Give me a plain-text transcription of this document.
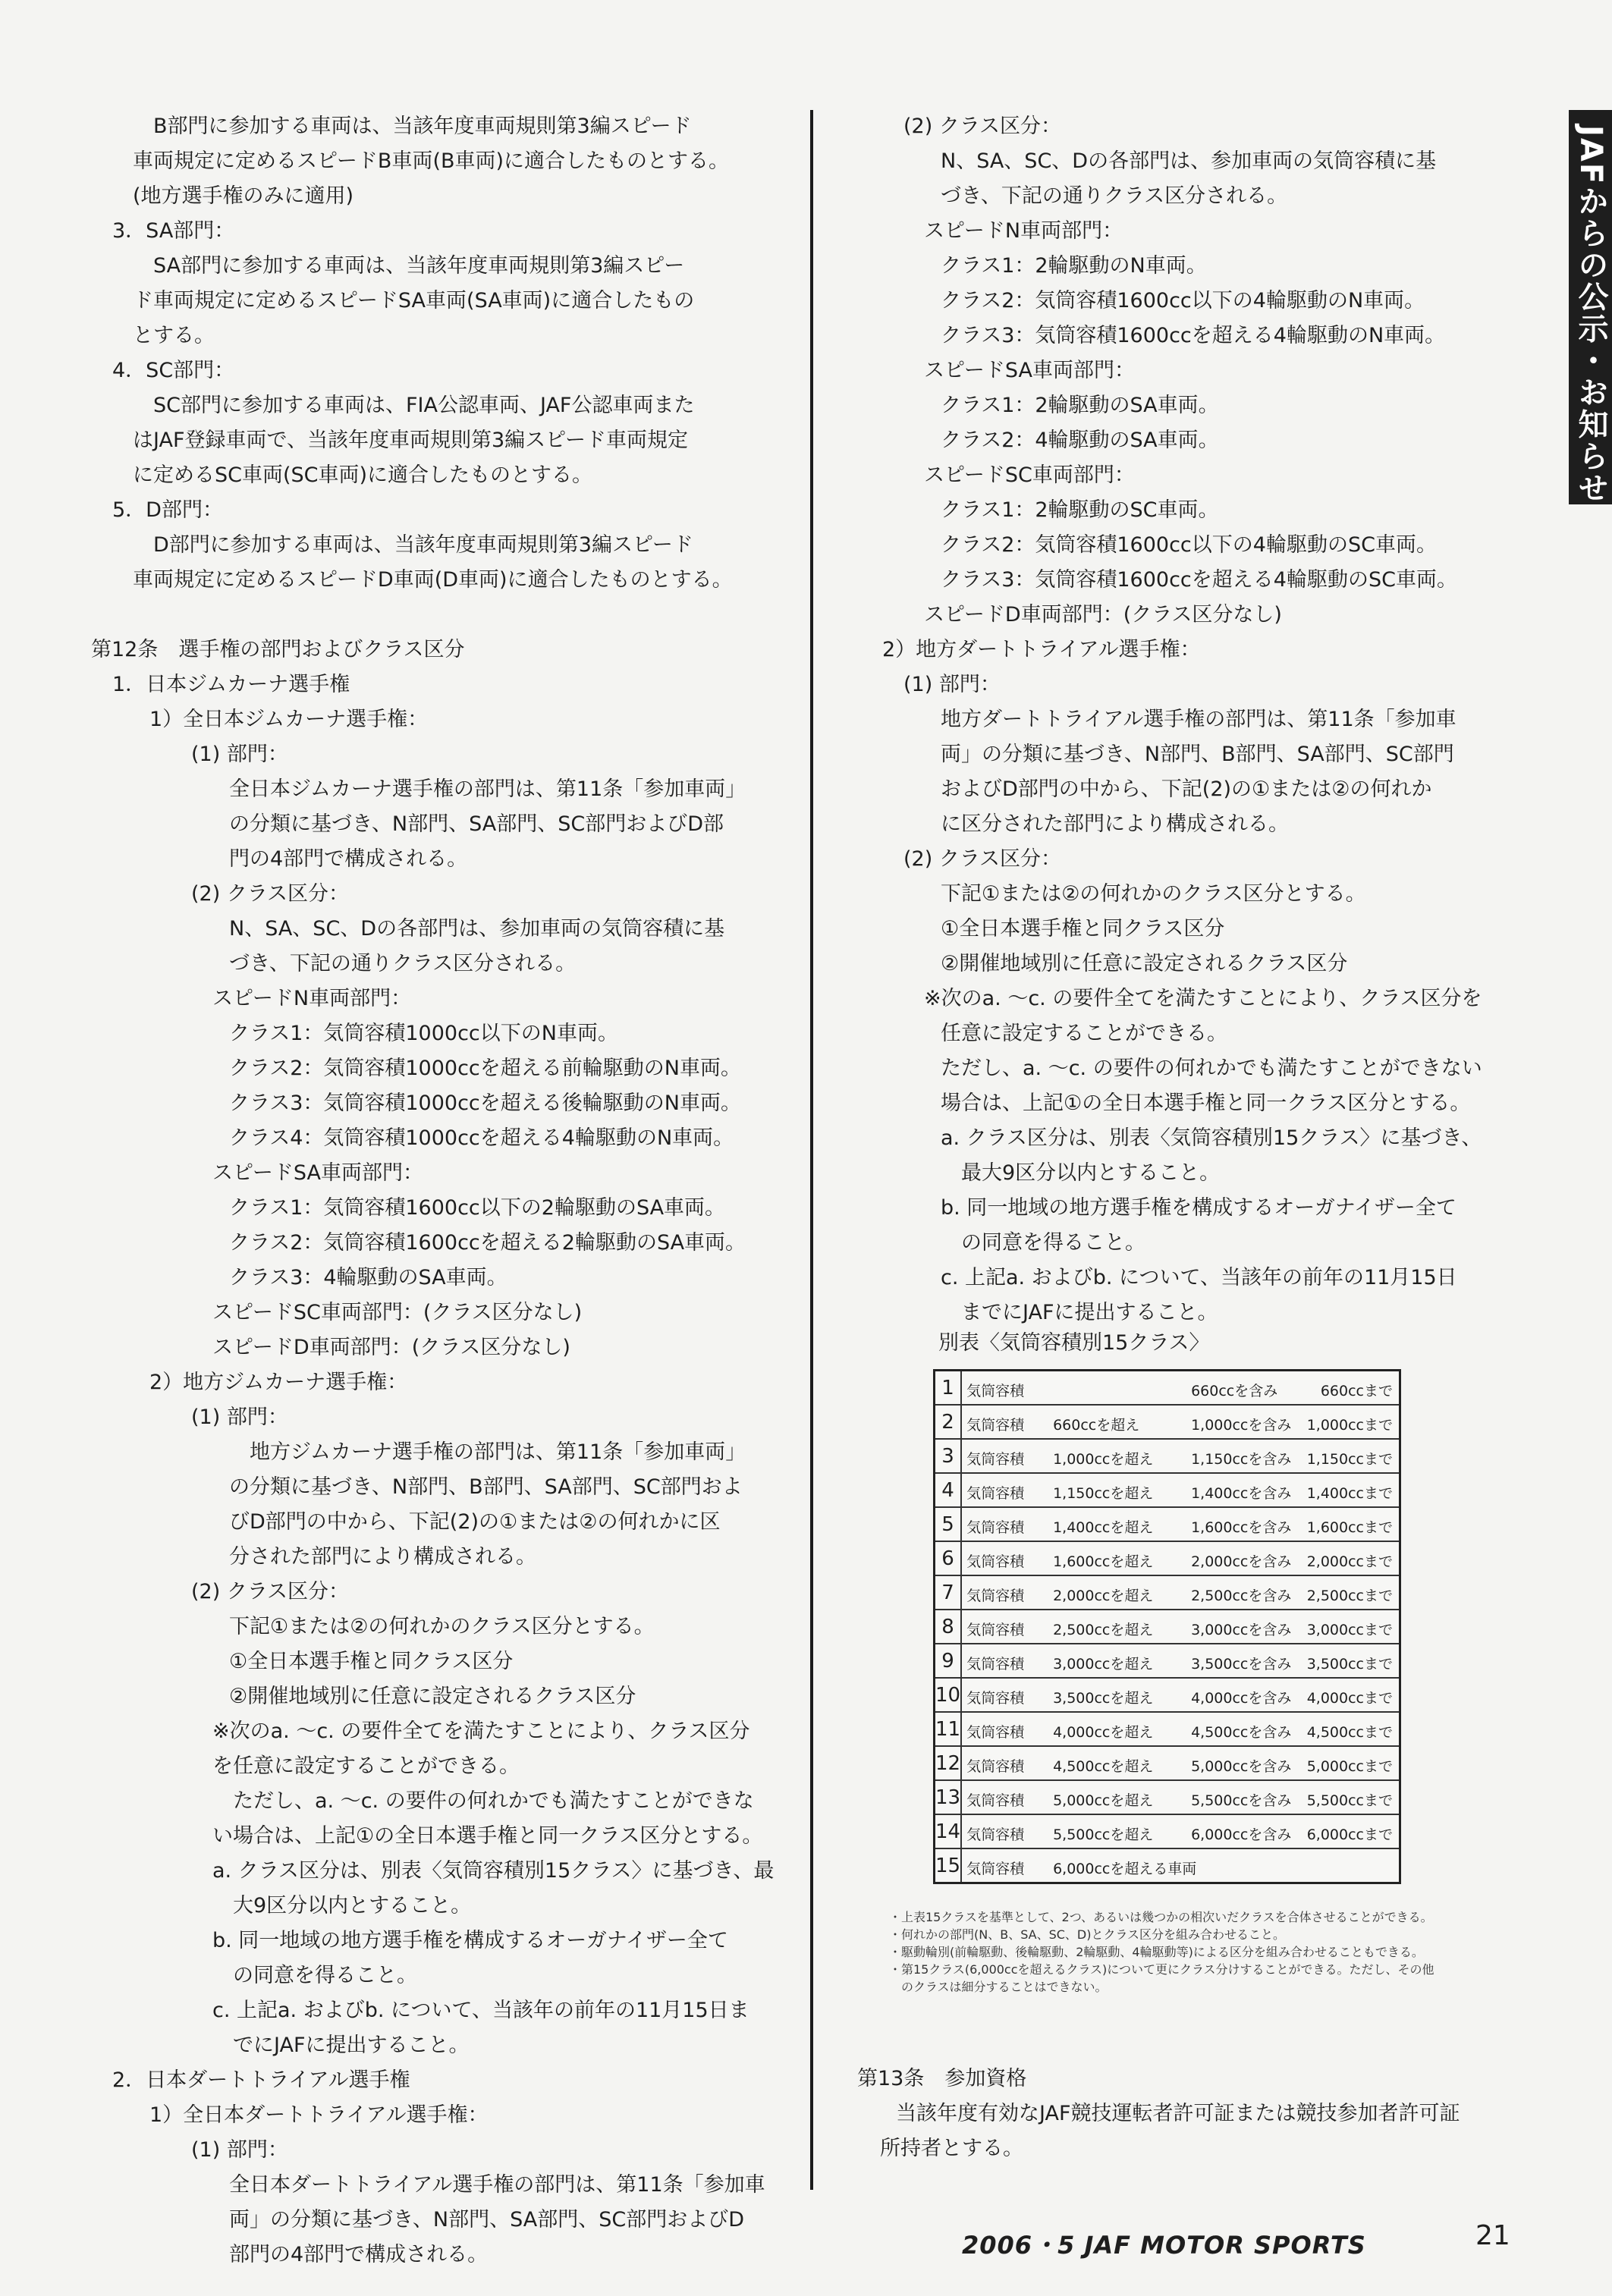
JAFからの公示・お知らせ
　B部門に参加する車両は、当該年度車両規則第3編スピード
車両規定に定めるスピードB車両(B車両)に適合したものとする。
(地方選手権のみに適用)
3．SA部門：
　SA部門に参加する車両は、当該年度車両規則第3編スピー
ド車両規定に定めるスピードSA車両(SA車両)に適合したもの
とする。
4．SC部門：
　SC部門に参加する車両は、FIA公認車両、JAF公認車両また
はJAF登録車両で、当該年度車両規則第3編スピード車両規定
に定めるSC車両(SC車両)に適合したものとする。
5．D部門：
　D部門に参加する車両は、当該年度車両規則第3編スピード
車両規定に定めるスピードD車両(D車両)に適合したものとする。
第12条　選手権の部門およびクラス区分
1．日本ジムカーナ選手権
1）全日本ジムカーナ選手権：
(1) 部門：
全日本ジムカーナ選手権の部門は、第11条「参加車両」
の分類に基づき、N部門、SA部門、SC部門およびD部
門の4部門で構成される。
(2) クラス区分：
N、SA、SC、Dの各部門は、参加車両の気筒容積に基
づき、下記の通りクラス区分される。
スピードN車両部門：
クラス1：気筒容積1000cc以下のN車両。
クラス2：気筒容積1000ccを超える前輪駆動のN車両。
クラス3：気筒容積1000ccを超える後輪駆動のN車両。
クラス4：気筒容積1000ccを超える4輪駆動のN車両。
スピードSA車両部門：
クラス1：気筒容積1600cc以下の2輪駆動のSA車両。
クラス2：気筒容積1600ccを超える2輪駆動のSA車両。
クラス3：4輪駆動のSA車両。
スピードSC車両部門：(クラス区分なし)
スピードD車両部門：(クラス区分なし)
2）地方ジムカーナ選手権：
(1) 部門：
　地方ジムカーナ選手権の部門は、第11条「参加車両」
の分類に基づき、N部門、B部門、SA部門、SC部門およ
びD部門の中から、下記(2)の①または②の何れかに区
分された部門により構成される。
(2) クラス区分：
下記①または②の何れかのクラス区分とする。
①全日本選手権と同クラス区分
②開催地域別に任意に設定されるクラス区分
※次のa. ～c. の要件全てを満たすことにより、クラス区分
を任意に設定することができる。
　ただし、a. ～c. の要件の何れかでも満たすことができな
い場合は、上記①の全日本選手権と同一クラス区分とする。
a. クラス区分は、別表〈気筒容積別15クラス〉に基づき、最
　大9区分以内とすること。
b. 同一地域の地方選手権を構成するオーガナイザー全て
　の同意を得ること。
c. 上記a. およびb. について、当該年の前年の11月15日ま
　でにJAFに提出すること。
2．日本ダートトライアル選手権
1）全日本ダートトライアル選手権：
(1) 部門：
全日本ダートトライアル選手権の部門は、第11条「参加車
両」の分類に基づき、N部門、SA部門、SC部門およびD
部門の4部門で構成される。
(2) クラス区分：
N、SA、SC、Dの各部門は、参加車両の気筒容積に基
づき、下記の通りクラス区分される。
スピードN車両部門：
クラス1：2輪駆動のN車両。
クラス2：気筒容積1600cc以下の4輪駆動のN車両。
クラス3：気筒容積1600ccを超える4輪駆動のN車両。
スピードSA車両部門：
クラス1：2輪駆動のSA車両。
クラス2：4輪駆動のSA車両。
スピードSC車両部門：
クラス1：2輪駆動のSC車両。
クラス2：気筒容積1600cc以下の4輪駆動のSC車両。
クラス3：気筒容積1600ccを超える4輪駆動のSC車両。
スピードD車両部門：(クラス区分なし)
2）地方ダートトライアル選手権：
(1) 部門：
地方ダートトライアル選手権の部門は、第11条「参加車
両」の分類に基づき、N部門、B部門、SA部門、SC部門
およびD部門の中から、下記(2)の①または②の何れか
に区分された部門により構成される。
(2) クラス区分：
下記①または②の何れかのクラス区分とする。
①全日本選手権と同クラス区分
②開催地域別に任意に設定されるクラス区分
※次のa. ～c. の要件全てを満たすことにより、クラス区分を
任意に設定することができる。
ただし、a. ～c. の要件の何れかでも満たすことができない
場合は、上記①の全日本選手権と同一クラス区分とする。
a. クラス区分は、別表〈気筒容積別15クラス〉に基づき、
　最大9区分以内とすること。
b. 同一地域の地方選手権を構成するオーガナイザー全て
　の同意を得ること。
c. 上記a. およびb. について、当該年の前年の11月15日
　までにJAFに提出すること。
別表〈気筒容積別15クラス〉
1	気筒容積 660ccを含み 660ccまで

2	気筒容積 660ccを超え 1,000ccを含み 1,000ccまで

3	気筒容積 1,000ccを超え 1,150ccを含み 1,150ccまで

4	気筒容積 1,150ccを超え 1,400ccを含み 1,400ccまで

5	気筒容積 1,400ccを超え 1,600ccを含み 1,600ccまで

6	気筒容積 1,600ccを超え 2,000ccを含み 2,000ccまで

7	気筒容積 2,000ccを超え 2,500ccを含み 2,500ccまで

8	気筒容積 2,500ccを超え 3,000ccを含み 3,000ccまで

9	気筒容積 3,000ccを超え 3,500ccを含み 3,500ccまで

10	気筒容積 3,500ccを超え 4,000ccを含み 4,000ccまで

11	気筒容積 4,000ccを超え 4,500ccを含み 4,500ccまで

12	気筒容積 4,500ccを超え 5,000ccを含み 5,000ccまで

13	気筒容積 5,000ccを超え 5,500ccを含み 5,500ccまで

14	気筒容積 5,500ccを超え 6,000ccを含み 6,000ccまで

15	気筒容積 6,000ccを超える車両
・上表15クラスを基準として、2つ、あるいは幾つかの相次いだクラスを合体させることができる。
・何れかの部門(N、B、SA、SC、D)とクラス区分を組み合わせること。
・駆動輪別(前輪駆動、後輪駆動、2輪駆動、4輪駆動等)による区分を組み合わせることもできる。
・第15クラス(6,000ccを超えるクラス)について更にクラス分けすることができる。ただし、その他
　のクラスは細分することはできない。
第13条　参加資格
　当該年度有効なJAF競技運転者許可証または競技参加者許可証
所持者とする。
2006・5 JAF MOTOR SPORTS	21
